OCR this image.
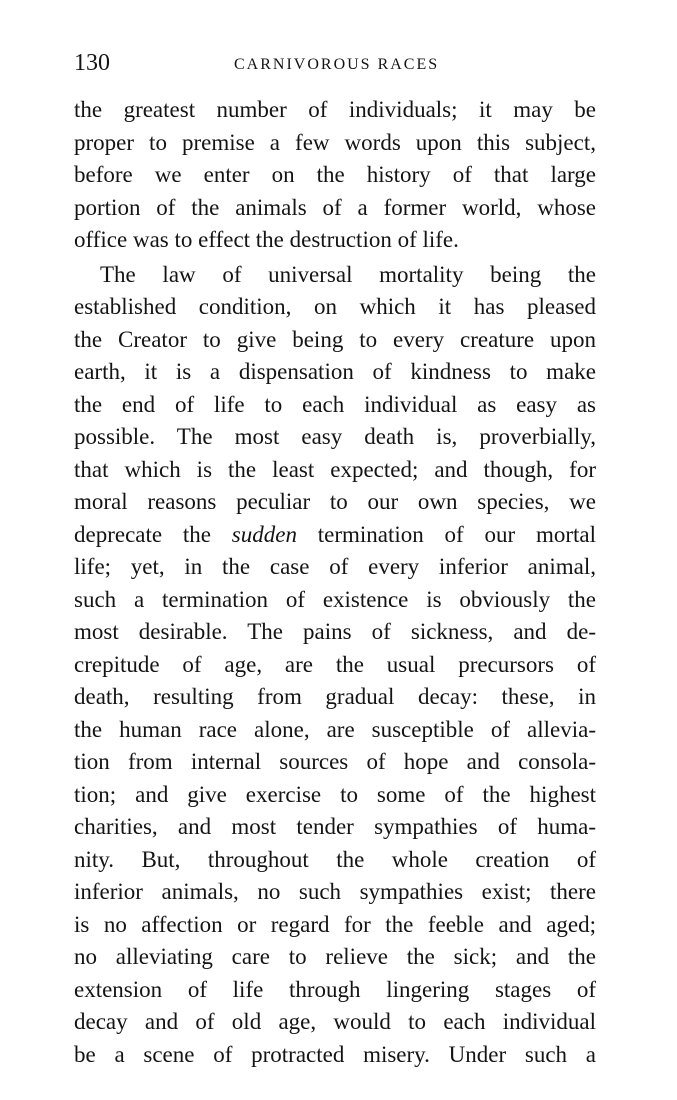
130	CARNIVOROUS RACES
the greatest number of individuals; it may be
proper to premise a few words upon this subject,
before we enter on the history of that large
portion of the animals of a former world, whose
office was to effect the destruction of life.
The law of universal mortality being the
established condition, on which it has pleased
the Creator to give being to every creature upon
earth, it is a dispensation of kindness to make
the end of life to each individual as easy as
possible. The most easy death is, proverbially,
that which is the least expected; and though, for
moral reasons peculiar to our own species, we
deprecate the sudden termination of our mortal
life; yet, in the case of every inferior animal,
such a termination of existence is obviously the
most desirable. The pains of sickness, and de-
crepitude of age, are the usual precursors of
death, resulting from gradual decay: these, in
the human race alone, are susceptible of allevia-
tion from internal sources of hope and consola-
tion; and give exercise to some of the highest
charities, and most tender sympathies of huma-
nity. But, throughout the whole creation of
inferior animals, no such sympathies exist; there
is no affection or regard for the feeble and aged;
no alleviating care to relieve the sick; and the
extension of life through lingering stages of
decay and of old age, would to each individual
be a scene of protracted misery. Under such a
